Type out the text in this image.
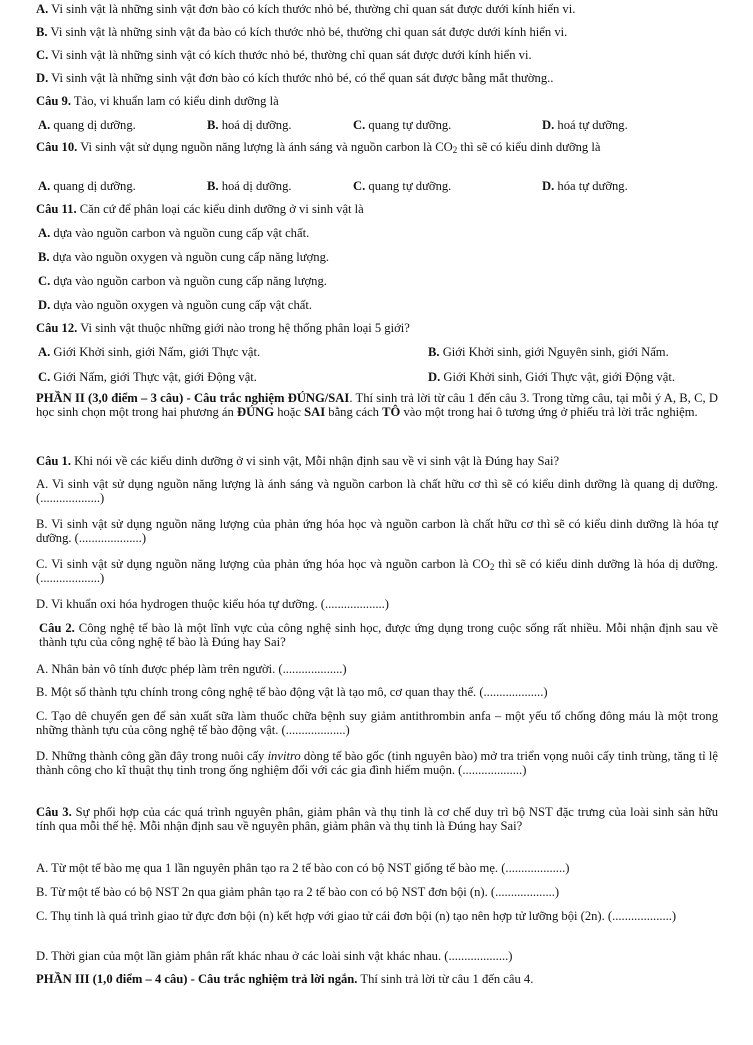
A. Vi sinh vật là những sinh vật đơn bào có kích thước nhỏ bé, thường chỉ quan sát được dưới kính hiển vi.
B. Vi sinh vật là những sinh vật đa bào có kích thước nhỏ bé, thường chỉ quan sát được dưới kính hiển vi.
C. Vi sinh vật là những sinh vật có kích thước nhỏ bé, thường chỉ quan sát được dưới kính hiển vi.
D. Vi sinh vật là những sinh vật đơn bào có kích thước nhỏ bé, có thể quan sát được bằng mắt thường..
Câu 9. Tảo, vi khuẩn lam có kiểu dinh dưỡng là
A. quang dị dưỡng.	B. hoá dị dưỡng.	C. quang tự dưỡng.	D. hoá tự dưỡng.
Câu 10. Vi sinh vật sử dụng nguồn năng lượng là ánh sáng và nguồn carbon là $CO_2$ thì sẽ có kiểu dinh dưỡng là
A. quang dị dưỡng.	B. hoá dị dưỡng.	C. quang tự dưỡng.	D. hóa tự dưỡng.
Câu 11. Căn cứ để phân loại các kiểu dinh dưỡng ở vi sinh vật là
A. dựa vào nguồn carbon và nguồn cung cấp vật chất.
B. dựa vào nguồn oxygen và nguồn cung cấp năng lượng.
C. dựa vào nguồn carbon và nguồn cung cấp năng lượng.
D. dựa vào nguồn oxygen và nguồn cung cấp vật chất.
Câu 12. Vi sinh vật thuộc những giới nào trong hệ thống phân loại 5 giới?
A. Giới Khởi sinh, giới Nấm, giới Thực vật.	B. Giới Khởi sinh, giới Nguyên sinh, giới Nấm.
C. Giới Nấm, giới Thực vật, giới Động vật.	D. Giới Khởi sinh, Giới Thực vật, giới Động vật.
PHẦN II (3,0 điểm – 3 câu) - Câu trắc nghiệm ĐÚNG/SAI. Thí sinh trả lời từ câu 1 đến câu 3. Trong từng câu, tại mỗi ý A, B, C, D học sinh chọn một trong hai phương án ĐÚNG hoặc SAI bằng cách TÔ vào một trong hai ô tương ứng ở phiếu trả lời trắc nghiệm.
Câu 1. Khi nói về các kiểu dinh dưỡng ở vi sinh vật, Mỗi nhận định sau về vi sinh vật là Đúng hay Sai?
A. Vi sinh vật sử dụng nguồn năng lượng là ánh sáng và nguồn carbon là chất hữu cơ thì sẽ có kiểu dinh dưỡng là quang dị dưỡng. (...................)
B. Vi sinh vật sử dụng nguồn năng lượng của phản ứng hóa học và nguồn carbon là chất hữu cơ thì sẽ có kiểu dinh dưỡng là hóa tự dưỡng. (....................)
C. Vi sinh vật sử dụng nguồn năng lượng của phản ứng hóa học và nguồn carbon là $CO_2$ thì sẽ có kiểu dinh dưỡng là hóa dị dưỡng. (...................)
D. Vi khuẩn oxi hóa hydrogen thuộc kiểu hóa tự dưỡng. (...................)
Câu 2. Công nghệ tế bào là một lĩnh vực của công nghệ sinh học, được ứng dụng trong cuộc sống rất nhiều. Mỗi nhận định sau về thành tựu của công nghệ tế bào là Đúng hay Sai?
A. Nhân bản vô tính được phép làm trên người. (...................)
B. Một số thành tựu chính trong công nghệ tế bào động vật là tạo mô, cơ quan thay thế. (...................)
C. Tạo dê chuyển gen để sản xuất sữa làm thuốc chữa bệnh suy giảm antithrombin anfa – một yếu tố chống đông máu là một trong những thành tựu của công nghệ tế bào động vật. (...................)
D. Những thành công gần đây trong nuôi cấy invitro dòng tế bào gốc (tinh nguyên bào) mở tra triển vọng nuôi cấy tinh trùng, tăng tỉ lệ thành công cho kĩ thuật thụ tinh trong ống nghiệm đối với các gia đình hiếm muộn. (...................)
Câu 3. Sự phối hợp của các quá trình nguyên phân, giảm phân và thụ tinh là cơ chế duy trì bộ NST đặc trưng của loài sinh sản hữu tính qua mỗi thế hệ. Mỗi nhận định sau về nguyên phân, giảm phân và thụ tinh là Đúng hay Sai?
A. Từ một tế bào mẹ qua 1 lần nguyên phân tạo ra 2 tế bào con có bộ NST giống tế bào mẹ. (...................)
B. Từ một tế bào có bộ NST 2n qua giảm phân tạo ra 2 tế bào con có bộ NST đơn bội (n). (...................)
C. Thụ tinh là quá trình giao tử đực đơn bội (n) kết hợp với giao tử cái đơn bội (n) tạo nên hợp tử lưỡng bội (2n). (...................)
D. Thời gian của một lần giảm phân rất khác nhau ở các loài sinh vật khác nhau. (...................)
PHẦN III (1,0 điểm – 4 câu) - Câu trắc nghiệm trả lời ngắn. Thí sinh trả lời từ câu 1 đến câu 4.
